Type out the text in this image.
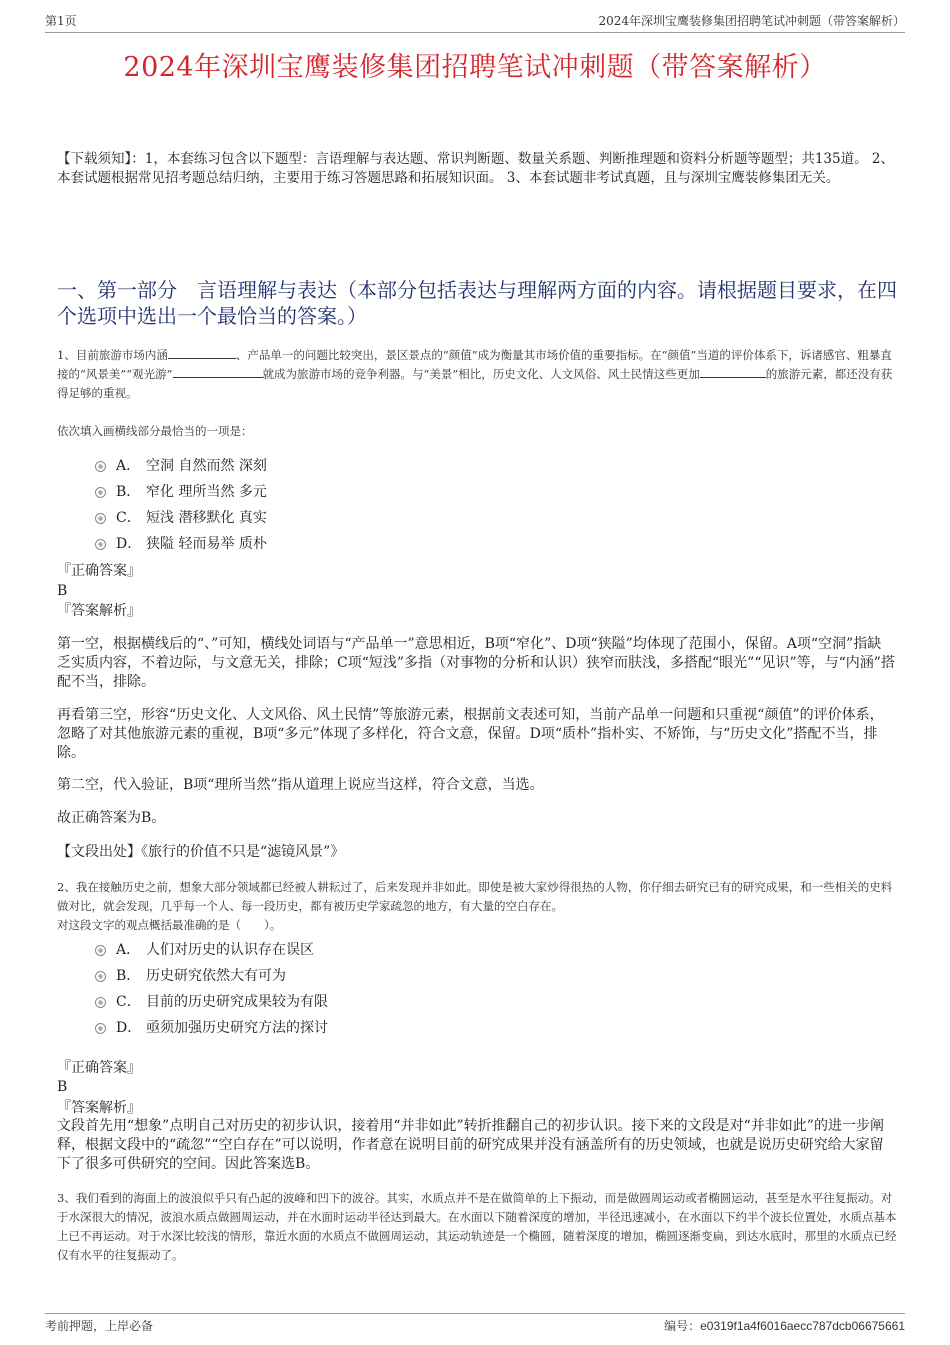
第1页	2024年深圳宝鹰装修集团招聘笔试冲刺题（带答案解析）
2024年深圳宝鹰装修集团招聘笔试冲刺题（带答案解析）
【下载须知】：1，本套练习包含以下题型：言语理解与表达题、常识判断题、数量关系题、判断推理题和资料分析题等题型；共135道。 2、本套试题根据常见招考题总结归纳，主要用于练习答题思路和拓展知识面。 3、本套试题非考试真题，且与深圳宝鹰装修集团无关。
一、第一部分　言语理解与表达（本部分包括表达与理解两方面的内容。请根据题目要求，在四个选项中选出一个最恰当的答案。）
1、目前旅游市场内涵	、产品单一的问题比较突出，景区景点的“颜值”成为衡量其市场价值的重要指标。在“颜值”当道的评价体系下，诉诸感官、粗暴直接的“风景美”“观光游”	就成为旅游市场的竞争利器。与“美景”相比，历史文化、人文风俗、风土民情这些更加	的旅游元素，都还没有获得足够的重视。
依次填入画横线部分最恰当的一项是：
A． 空洞 自然而然 深刻
B． 窄化 理所当然 多元
C． 短浅 潜移默化 真实
D． 狭隘 轻而易举 质朴
『正确答案』
B
『答案解析』
第一空，根据横线后的“、”可知，横线处词语与“产品单一”意思相近，B项“窄化”、D项“狭隘”均体现了范围小，保留。A项“空洞”指缺乏实质内容，不着边际，与文意无关，排除；C项“短浅”多指（对事物的分析和认识）狭窄而肤浅，多搭配“眼光”“见识”等，与“内涵”搭配不当，排除。
再看第三空，形容“历史文化、人文风俗、风土民情”等旅游元素，根据前文表述可知，当前产品单一问题和只重视“颜值”的评价体系，忽略了对其他旅游元素的重视，B项“多元”体现了多样化，符合文意，保留。D项“质朴”指朴实、不矫饰，与“历史文化”搭配不当，排除。
第二空，代入验证，B项“理所当然”指从道理上说应当这样，符合文意，当选。
故正确答案为B。
【文段出处】《旅行的价值不只是“滤镜风景”》
2、我在接触历史之前，想象大部分领域都已经被人耕耘过了，后来发现并非如此。即使是被大家炒得很热的人物，你仔细去研究已有的研究成果，和一些相关的史料做对比，就会发现，几乎每一个人、每一段历史，都有被历史学家疏忽的地方，有大量的空白存在。
对这段文字的观点概括最准确的是（　　）。
A． 人们对历史的认识存在误区
B． 历史研究依然大有可为
C． 目前的历史研究成果较为有限
D． 亟须加强历史研究方法的探讨
『正确答案』
B
『答案解析』
文段首先用“想象”点明自己对历史的初步认识，接着用“并非如此”转折推翻自己的初步认识。接下来的文段是对“并非如此”的进一步阐释，根据文段中的“疏忽”“空白存在”可以说明，作者意在说明目前的研究成果并没有涵盖所有的历史领域，也就是说历史研究给大家留下了很多可供研究的空间。因此答案选B。
3、我们看到的海面上的波浪似乎只有凸起的波峰和凹下的波谷。其实，水质点并不是在做简单的上下振动，而是做圆周运动或者椭圆运动，甚至是水平往复振动。对于水深很大的情况，波浪水质点做圆周运动，并在水面时运动半径达到最大。在水面以下随着深度的增加，半径迅速减小，在水面以下约半个波长位置处，水质点基本上已不再运动。对于水深比较浅的情形，靠近水面的水质点不做圆周运动，其运动轨迹是一个椭圆，随着深度的增加，椭圆逐渐变扁，到达水底时，那里的水质点已经仅有水平的往复振动了。
考前押题，上岸必备	编号：e0319f1a4f6016aecc787dcb06675661
